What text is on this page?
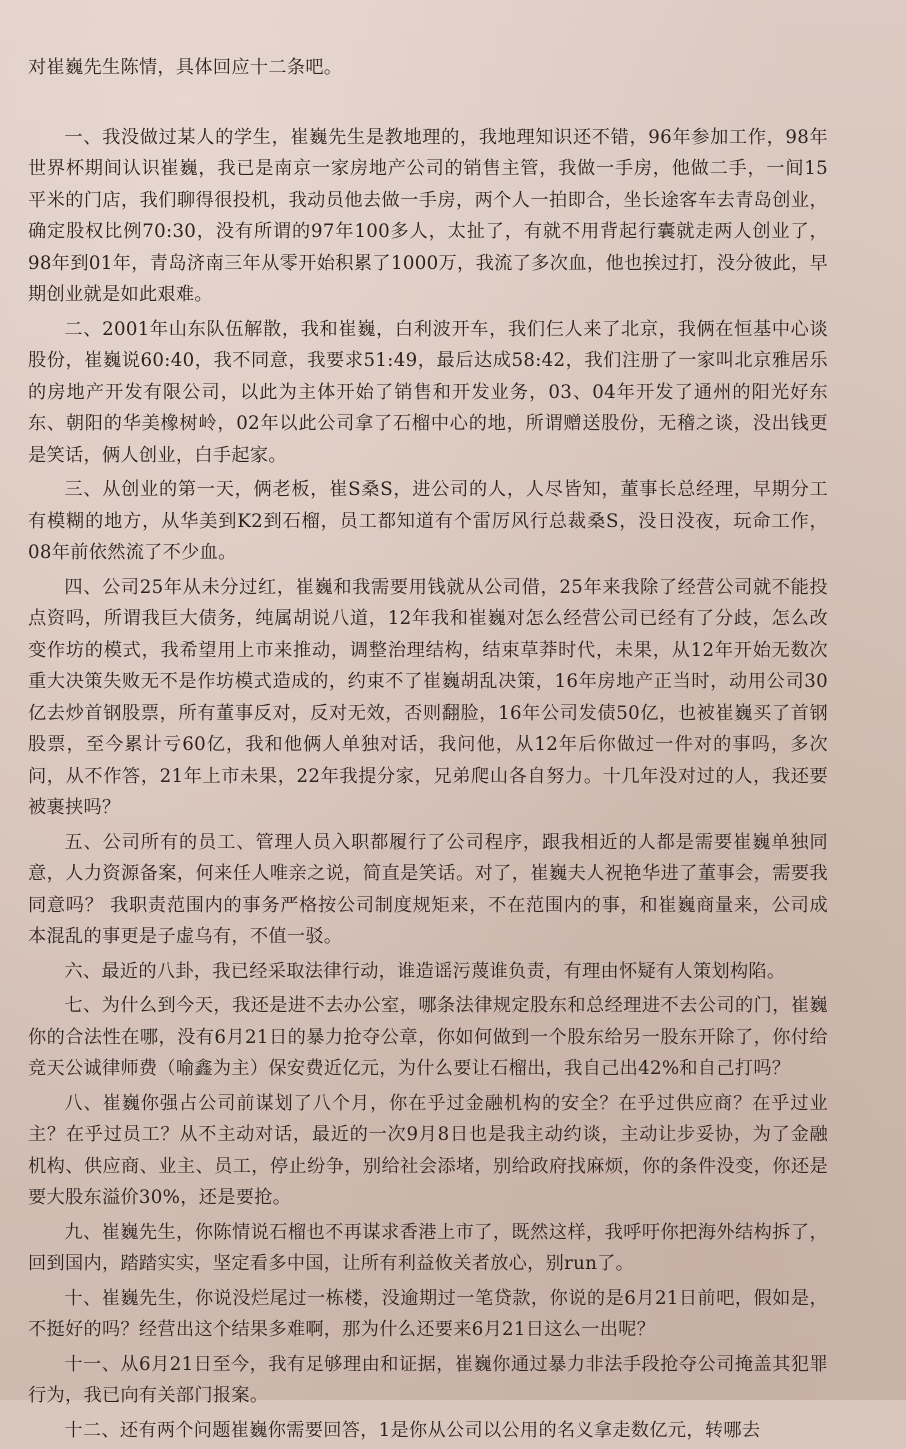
对崔巍先生陈情，具体回应十二条吧。

一、我没做过某人的学生，崔巍先生是教地理的，我地理知识还不错，96年参加工作，98年世界杯期间认识崔巍，我已是南京一家房地产公司的销售主管，我做一手房，他做二手，一间15平米的门店，我们聊得很投机，我动员他去做一手房，两个人一拍即合，坐长途客车去青岛创业，确定股权比例70:30，没有所谓的97年100多人，太扯了，有就不用背起行囊就走两人创业了，98年到01年，青岛济南三年从零开始积累了1000万，我流了多次血，他也挨过打，没分彼此，早期创业就是如此艰难。

二、2001年山东队伍解散，我和崔巍，白利波开车，我们仨人来了北京，我俩在恒基中心谈股份，崔巍说60:40，我不同意，我要求51:49，最后达成58:42，我们注册了一家叫北京雅居乐的房地产开发有限公司，以此为主体开始了销售和开发业务，03、04年开发了通州的阳光好东东、朝阳的华美橡树岭，02年以此公司拿了石榴中心的地，所谓赠送股份，无稽之谈，没出钱更是笑话，俩人创业，白手起家。

三、从创业的第一天，俩老板，崔S桑S，进公司的人，人尽皆知，董事长总经理，早期分工有模糊的地方，从华美到K2到石榴，员工都知道有个雷厉风行总裁桑S，没日没夜，玩命工作，08年前依然流了不少血。

四、公司25年从未分过红，崔巍和我需要用钱就从公司借，25年来我除了经营公司就不能投点资吗，所谓我巨大债务，纯属胡说八道，12年我和崔巍对怎么经营公司已经有了分歧，怎么改变作坊的模式，我希望用上市来推动，调整治理结构，结束草莽时代，未果，从12年开始无数次重大决策失败无不是作坊模式造成的，约束不了崔巍胡乱决策，16年房地产正当时，动用公司30亿去炒首钢股票，所有董事反对，反对无效，否则翻脸，16年公司发债50亿，也被崔巍买了首钢股票，至今累计亏60亿，我和他俩人单独对话，我问他，从12年后你做过一件对的事吗，多次问，从不作答，21年上市未果，22年我提分家，兄弟爬山各自努力。十几年没对过的人，我还要被裹挟吗？

五、公司所有的员工、管理人员入职都履行了公司程序，跟我相近的人都是需要崔巍单独同意，人力资源备案，何来任人唯亲之说，简直是笑话。对了，崔巍夫人祝艳华进了董事会，需要我同意吗？ 我职责范围内的事务严格按公司制度规矩来，不在范围内的事，和崔巍商量来，公司成本混乱的事更是子虚乌有，不值一驳。

六、最近的八卦，我已经采取法律行动，谁造谣污蔑谁负责，有理由怀疑有人策划构陷。

七、为什么到今天，我还是进不去办公室，哪条法律规定股东和总经理进不去公司的门，崔巍你的合法性在哪，没有6月21日的暴力抢夺公章，你如何做到一个股东给另一股东开除了，你付给竞天公诚律师费（喻鑫为主）保安费近亿元，为什么要让石榴出，我自己出42%和自己打吗？

八、崔巍你强占公司前谋划了八个月，你在乎过金融机构的安全？在乎过供应商？在乎过业主？在乎过员工？从不主动对话，最近的一次9月8日也是我主动约谈，主动让步妥协，为了金融机构、供应商、业主、员工，停止纷争，别给社会添堵，别给政府找麻烦，你的条件没变，你还是要大股东溢价30%，还是要抢。

九、崔巍先生，你陈情说石榴也不再谋求香港上市了，既然这样，我呼吁你把海外结构拆了，回到国内，踏踏实实，坚定看多中国，让所有利益攸关者放心，别run了。

十、崔巍先生，你说没烂尾过一栋楼，没逾期过一笔贷款，你说的是6月21日前吧，假如是，不挺好的吗？经营出这个结果多难啊，那为什么还要来6月21日这么一出呢？

十一、从6月21日至今，我有足够理由和证据，崔巍你通过暴力非法手段抢夺公司掩盖其犯罪行为，我已向有关部门报案。

十二、还有两个问题崔巍你需要回答，1是你从公司以公用的名义拿走数亿元，转哪去
